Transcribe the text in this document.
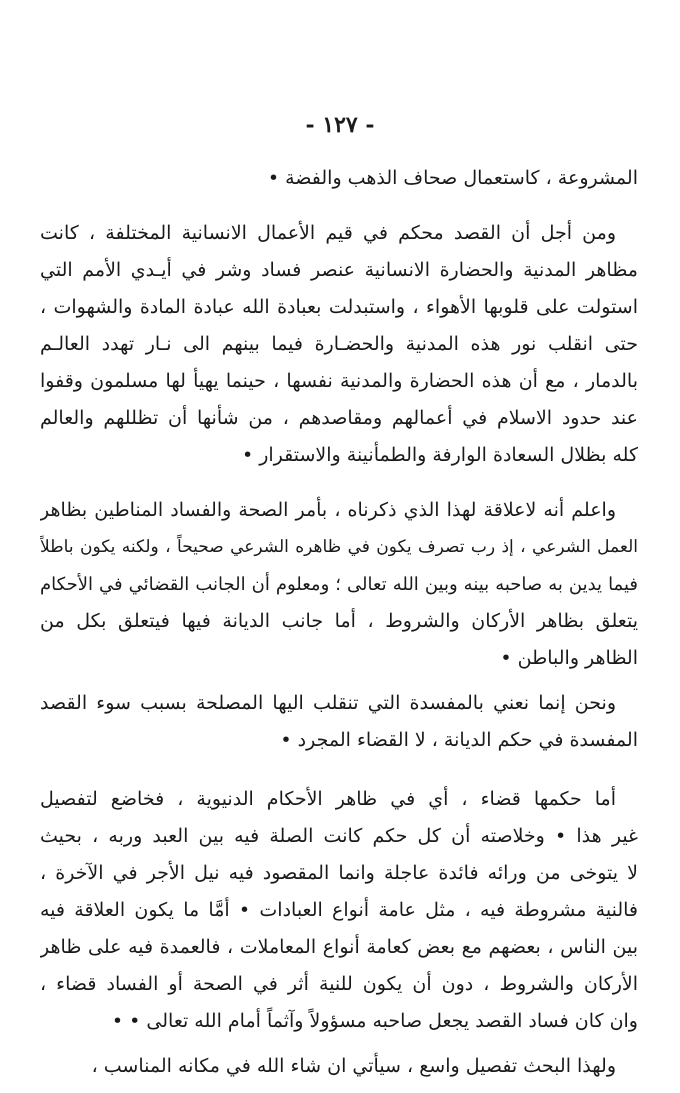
- ١٢٧ -
المشروعة ، كاستعمال صحاف الذهب والفضة •
ومن أجل أن القصد محكم في قيم الأعمال الانسانية المختلفة ، كانت
مظاهر المدنية والحضارة الانسانية عنصر فساد وشر في أيـدي الأمم التي
استولت على قلوبها الأهواء ، واستبدلت بعبادة الله عبادة المادة والشهوات ،
حتى انقلب نور هذه المدنية والحضـارة فيما بينهم الى نـار تهدد العالـم
بالدمار ، مع أن هذه الحضارة والمدنية نفسها ، حينما يهيأ لها مسلمون وقفوا
عند حدود الاسلام في أعمالهم ومقاصدهم ، من شأنها أن تظللهم والعالم
كله بظلال السعادة الوارفة والطمأنينة والاستقرار •
واعلم أنه لاعلاقة لهذا الذي ذكرناه ، بأمر الصحة والفساد المناطين بظاهر
العمل الشرعي ، إذ رب تصرف يكون في ظاهره الشرعي صحيحاً ، ولكنه يكون باطلاً
فيما يدين به صاحبه بينه وبين الله تعالى ؛ ومعلوم أن الجانب القضائي في الأحكام
يتعلق بظاهر الأركان والشروط ، أما جانب الديانة فيها فيتعلق بكل من
الظاهر والباطن •
ونحن إنما نعني بالمفسدة التي تنقلب اليها المصلحة بسبب سوء القصد
المفسدة في حكم الديانة ، لا القضاء المجرد •
أما حكمها قضاء ، أي في ظاهر الأحكام الدنيوية ، فخاضع لتفصيل
غير هذا • وخلاصته أن كل حكم كانت الصلة فيه بين العبد وربه ، بحيث
لا يتوخى من ورائه فائدة عاجلة وانما المقصود فيه نيل الأجر في الآخرة ،
فالنية مشروطة فيه ، مثل عامة أنواع العبادات • أمَّا ما يكون العلاقة فيه
بين الناس ، بعضهم مع بعض كعامة أنواع المعاملات ، فالعمدة فيه على ظاهر
الأركان والشروط ، دون أن يكون للنية أثر في الصحة أو الفساد قضاء ،
وان كان فساد القصد يجعل صاحبه مسؤولاً وآثماً أمام الله تعالى • •
ولهذا البحث تفصيل واسع ، سيأتي ان شاء الله في مكانه المناسب ،
